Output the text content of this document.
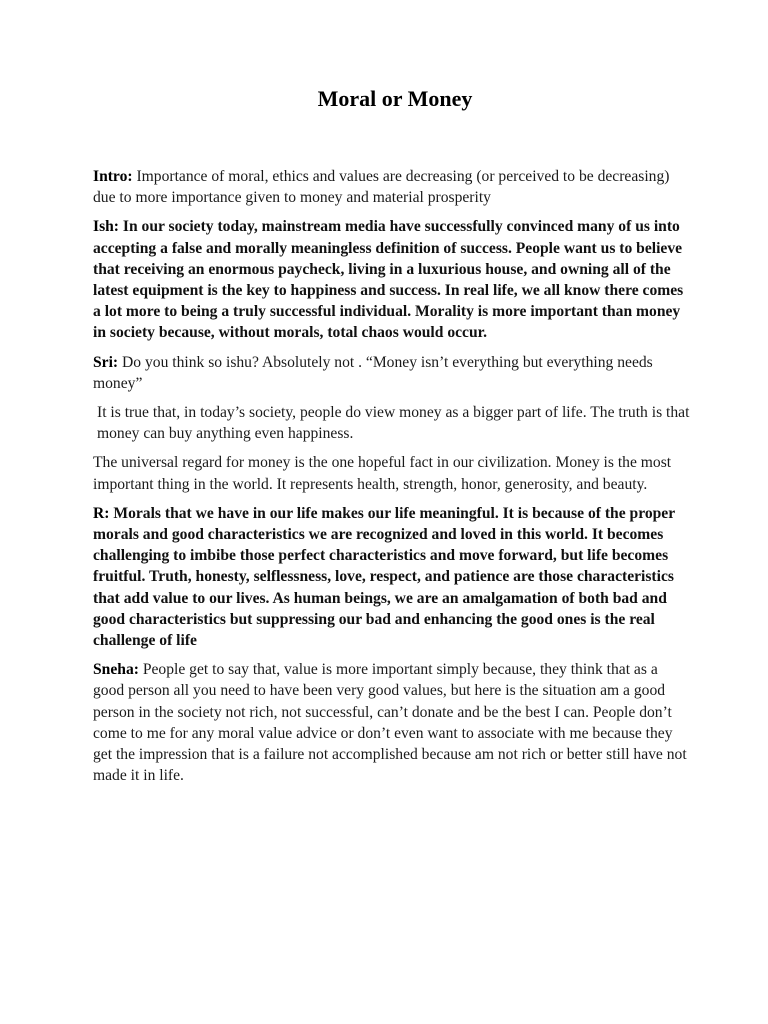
Moral or Money

Intro: Importance of moral, ethics and values are decreasing (or perceived to be decreasing) due to more importance given to money and material prosperity

Ish: In our society today, mainstream media have successfully convinced many of us into accepting a false and morally meaningless definition of success. People want us to believe that receiving an enormous paycheck, living in a luxurious house, and owning all of the latest equipment is the key to happiness and success. In real life, we all know there comes a lot more to being a truly successful individual. Morality is more important than money in society because, without morals, total chaos would occur.

Sri: Do you think so ishu? Absolutely not . “Money isn’t everything but everything needs money”

It is true that, in today’s society, people do view money as a bigger part of life. The truth is that money can buy anything even happiness.

The universal regard for money is the one hopeful fact in our civilization. Money is the most important thing in the world. It represents health, strength, honor, generosity, and beauty.

R: Morals that we have in our life makes our life meaningful. It is because of the proper morals and good characteristics we are recognized and loved in this world. It becomes challenging to imbibe those perfect characteristics and move forward, but life becomes fruitful. Truth, honesty, selflessness, love, respect, and patience are those characteristics that add value to our lives. As human beings, we are an amalgamation of both bad and good characteristics but suppressing our bad and enhancing the good ones is the real challenge of life

Sneha: People get to say that, value is more important simply because, they think that as a good person all you need to have been very good values, but here is the situation am a good person in the society not rich, not successful, can’t donate and be the best I can. People don’t come to me for any moral value advice or don’t even want to associate with me because they get the impression that is a failure not accomplished because am not rich or better still have not made it in life.
